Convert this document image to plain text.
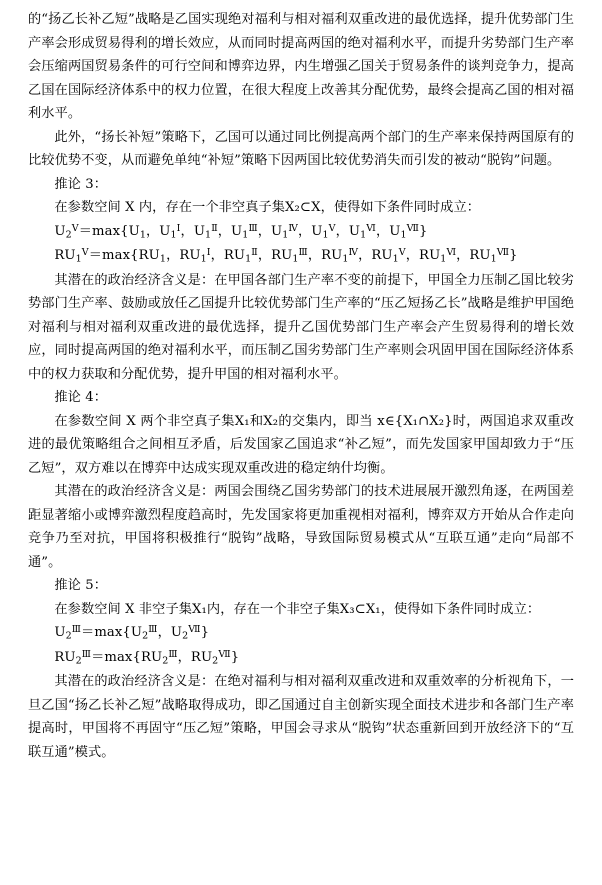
的“扬乙长补乙短”战略是乙国实现绝对福利与相对福利双重改进的最优选择，提升优势部门生产率会形成贸易得利的增长效应，从而同时提高两国的绝对福利水平，而提升劣势部门生产率会压缩两国贸易条件的可行空间和博弈边界，内生增强乙国关于贸易条件的谈判竞争力，提高乙国在国际经济体系中的权力位置，在很大程度上改善其分配优势，最终会提高乙国的相对福利水平。

此外，“扬长补短”策略下，乙国可以通过同比例提高两个部门的生产率来保持两国原有的比较优势不变，从而避免单纯“补短”策略下因两国比较优势消失而引发的被动“脱钩”问题。

推论 3：

在参数空间 X 内，存在一个非空真子集X₂⊂X，使得如下条件同时成立：

$U_2^Ⅴ=\max\{U_1$，$U_1^Ⅰ$，$U_1^Ⅱ$，$U_1^Ⅲ$，$U_1^Ⅳ$，$U_1^Ⅴ$，$U_1^Ⅵ$，$U_1^Ⅶ$}

$RU_1^Ⅴ=\max\{RU_1$，$RU_1^Ⅰ$，$RU_1^Ⅱ$，$RU_1^Ⅲ$，$RU_1^Ⅳ$，$RU_1^Ⅴ$，$RU_1^Ⅵ$，$RU_1^Ⅶ$}

其潜在的政治经济含义是：在甲国各部门生产率不变的前提下，甲国全力压制乙国比较劣势部门生产率、鼓励或放任乙国提升比较优势部门生产率的“压乙短扬乙长”战略是维护甲国绝对福利与相对福利双重改进的最优选择，提升乙国优势部门生产率会产生贸易得利的增长效应，同时提高两国的绝对福利水平，而压制乙国劣势部门生产率则会巩固甲国在国际经济体系中的权力获取和分配优势，提升甲国的相对福利水平。

推论 4：

在参数空间 X 两个非空真子集X₁和X₂的交集内，即当 x∈{X₁∩X₂}时，两国追求双重改进的最优策略组合之间相互矛盾，后发国家乙国追求“补乙短”，而先发国家甲国却致力于“压乙短”，双方难以在博弈中达成实现双重改进的稳定纳什均衡。

其潜在的政治经济含义是：两国会围绕乙国劣势部门的技术进展展开激烈角逐，在两国差距显著缩小或博弈激烈程度趋高时，先发国家将更加重视相对福利，博弈双方开始从合作走向竞争乃至对抗，甲国将积极推行“脱钩”战略，导致国际贸易模式从“互联互通”走向“局部不通”。

推论 5：

在参数空间 X 非空子集X₁内，存在一个非空子集X₃⊂X₁，使得如下条件同时成立：

$U_2^Ⅲ=\max\{U_2^Ⅲ$，$U_2^Ⅶ$}

$RU_2^Ⅲ=\max\{RU_2^Ⅲ$，$RU_2^Ⅶ$}

其潜在的政治经济含义是：在绝对福利与相对福利双重改进和双重效率的分析视角下，一旦乙国“扬乙长补乙短”战略取得成功，即乙国通过自主创新实现全面技术进步和各部门生产率提高时，甲国将不再固守“压乙短”策略，甲国会寻求从“脱钩”状态重新回到开放经济下的“互联互通”模式。
